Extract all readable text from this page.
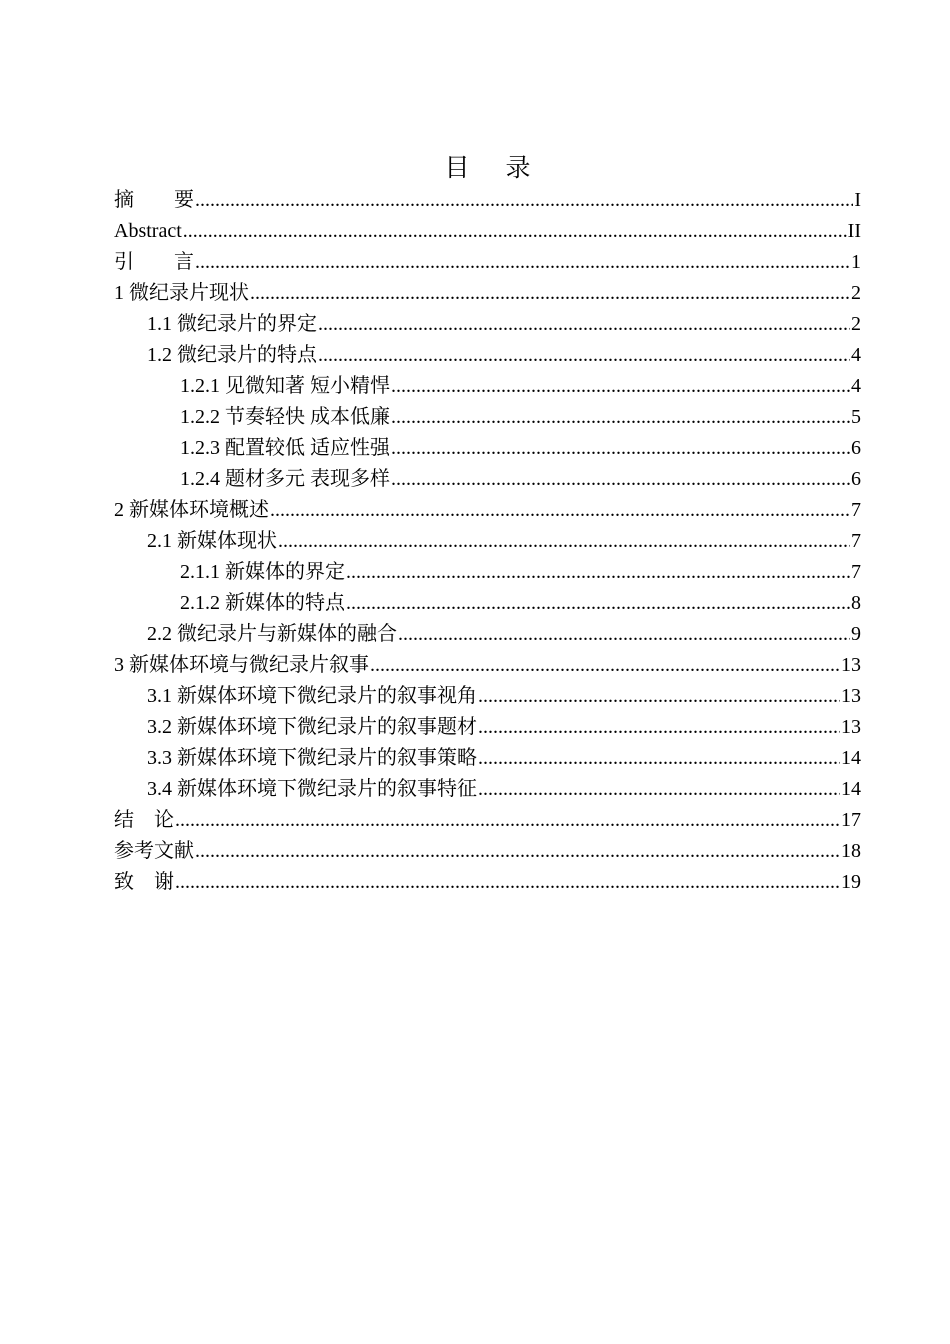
目 录
摘　　要 .....	I
Abstract .....	II
引　　言 .....	1
1 微纪录片现状 .....	2
1.1 微纪录片的界定 .....	2
1.2 微纪录片的特点 .....	4
1.2.1 见微知著 短小精悍 .....	4
1.2.2 节奏轻快 成本低廉 .....	5
1.2.3 配置较低 适应性强 .....	6
1.2.4 题材多元 表现多样 .....	6
2 新媒体环境概述 .....	7
2.1 新媒体现状 .....	7
2.1.1 新媒体的界定 .....	7
2.1.2 新媒体的特点 .....	8
2.2 微纪录片与新媒体的融合 .....	9
3 新媒体环境与微纪录片叙事 .....	13
3.1 新媒体环境下微纪录片的叙事视角 .....	13
3.2 新媒体环境下微纪录片的叙事题材 .....	13
3.3 新媒体环境下微纪录片的叙事策略 .....	14
3.4 新媒体环境下微纪录片的叙事特征 .....	14
结　论 .....	17
参考文献 .....	18
致　谢 .....	19
